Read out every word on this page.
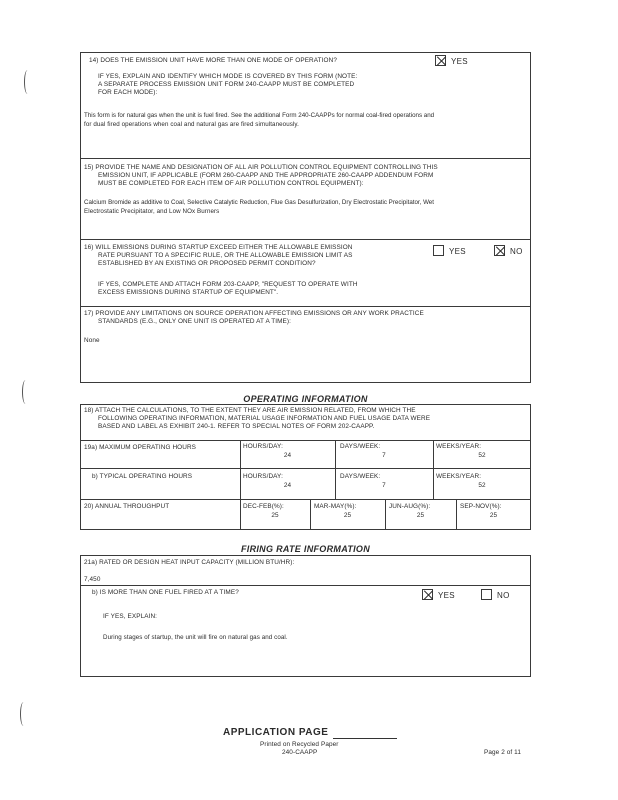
14) DOES THE EMISSION UNIT HAVE MORE THAN ONE MODE OF OPERATION?	YES
IF YES, EXPLAIN AND IDENTIFY WHICH MODE IS COVERED BY THIS FORM (NOTE:
A SEPARATE PROCESS EMISSION UNIT FORM 240-CAAPP MUST BE COMPLETED
FOR EACH MODE):
This form is for natural gas when the unit is fuel fired. See the additional Form 240-CAAPPs for normal coal-fired operations and
for dual fired operations when coal and natural gas are fired simultaneously.
15) PROVIDE THE NAME AND DESIGNATION OF ALL AIR POLLUTION CONTROL EQUIPMENT CONTROLLING THIS
EMISSION UNIT, IF APPLICABLE (FORM 260-CAAPP AND THE APPROPRIATE 260-CAAPP ADDENDUM FORM
MUST BE COMPLETED FOR EACH ITEM OF AIR POLLUTION CONTROL EQUIPMENT):
Calcium Bromide as additive to Coal, Selective Catalytic Reduction, Flue Gas Desulfurization, Dry Electrostatic Precipitator, Wet
Electrostatic Precipitator, and Low NOx Burners
16) WILL EMISSIONS DURING STARTUP EXCEED EITHER THE ALLOWABLE EMISSION
RATE PURSUANT TO A SPECIFIC RULE, OR THE ALLOWABLE EMISSION LIMIT AS
ESTABLISHED BY AN EXISTING OR PROPOSED PERMIT CONDITION?
YES	NO
IF YES, COMPLETE AND ATTACH FORM 203-CAAPP, "REQUEST TO OPERATE WITH
EXCESS EMISSIONS DURING STARTUP OF EQUIPMENT".
17) PROVIDE ANY LIMITATIONS ON SOURCE OPERATION AFFECTING EMISSIONS OR ANY WORK PRACTICE
STANDARDS (E.G., ONLY ONE UNIT IS OPERATED AT A TIME):
None
OPERATING INFORMATION
18) ATTACH THE CALCULATIONS, TO THE EXTENT THEY ARE AIR EMISSION RELATED, FROM WHICH THE
FOLLOWING OPERATING INFORMATION, MATERIAL USAGE INFORMATION AND FUEL USAGE DATA WERE
BASED AND LABEL AS EXHIBIT 240-1. REFER TO SPECIAL NOTES OF FORM 202-CAAPP.
19a) MAXIMUM OPERATING HOURS	HOURS/DAY:
24
DAYS/WEEK:
7
WEEKS/YEAR:
52
b) TYPICAL OPERATING HOURS	HOURS/DAY:
24
DAYS/WEEK:
7
WEEKS/YEAR:
52
20) ANNUAL THROUGHPUT	DEC-FEB(%):
25
MAR-MAY(%):
25
JUN-AUG(%):
25
SEP-NOV(%):
25
FIRING RATE INFORMATION
21a) RATED OR DESIGN HEAT INPUT CAPACITY (MILLION BTU/HR):
7,450
b) IS MORE THAN ONE FUEL FIRED AT A TIME?	YES	NO
IF YES, EXPLAIN:
During stages of startup, the unit will fire on natural gas and coal.
APPLICATION PAGE
Printed on Recycled Paper
240-CAAPP	Page 2 of 11
